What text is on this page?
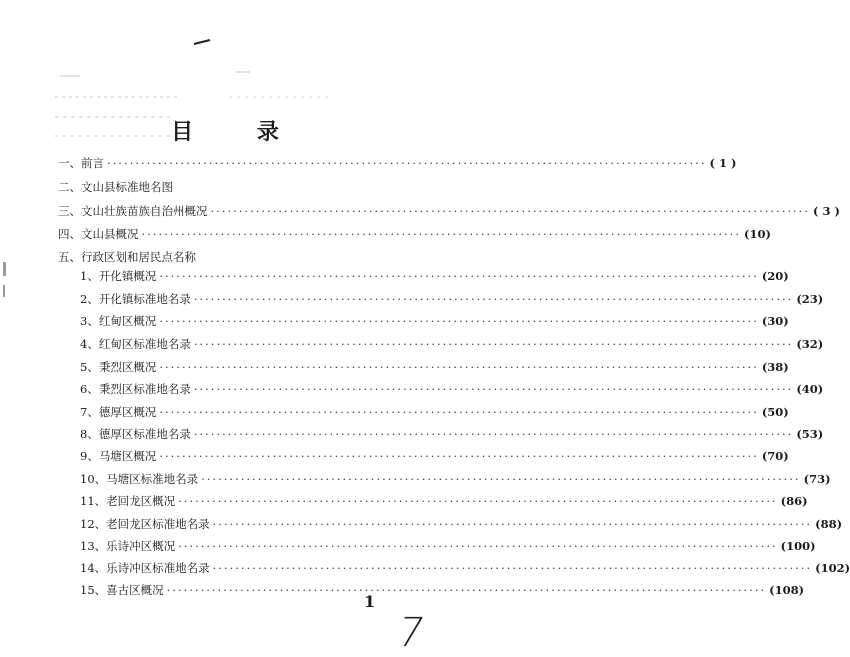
目 录
一、前言 ·········································································································· ( 1 )
二、文山县标准地名图
三、文山壮族苗族自治州概况 ·········································································································· ( 3 )
四、文山县概况 ·········································································································· (10)
五、行政区划和居民点名称
1、开化镇概况 ·········································································································· (20)
2、开化镇标准地名录 ·········································································································· (23)
3、红甸区概况 ·········································································································· (30)
4、红甸区标准地名录 ·········································································································· (32)
5、秉烈区概况 ·········································································································· (38)
6、秉烈区标准地名录 ·········································································································· (40)
7、德厚区概况 ·········································································································· (50)
8、德厚区标准地名录 ·········································································································· (53)
9、马塘区概况 ·········································································································· (70)
10、马塘区标准地名录 ·········································································································· (73)
11、老回龙区概况 ·········································································································· (86)
12、老回龙区标准地名录 ·········································································································· (88)
13、乐诗冲区概况 ·········································································································· (100)
14、乐诗冲区标准地名录 ·········································································································· (102)
15、喜古区概况 ·········································································································· (108)
1
7
